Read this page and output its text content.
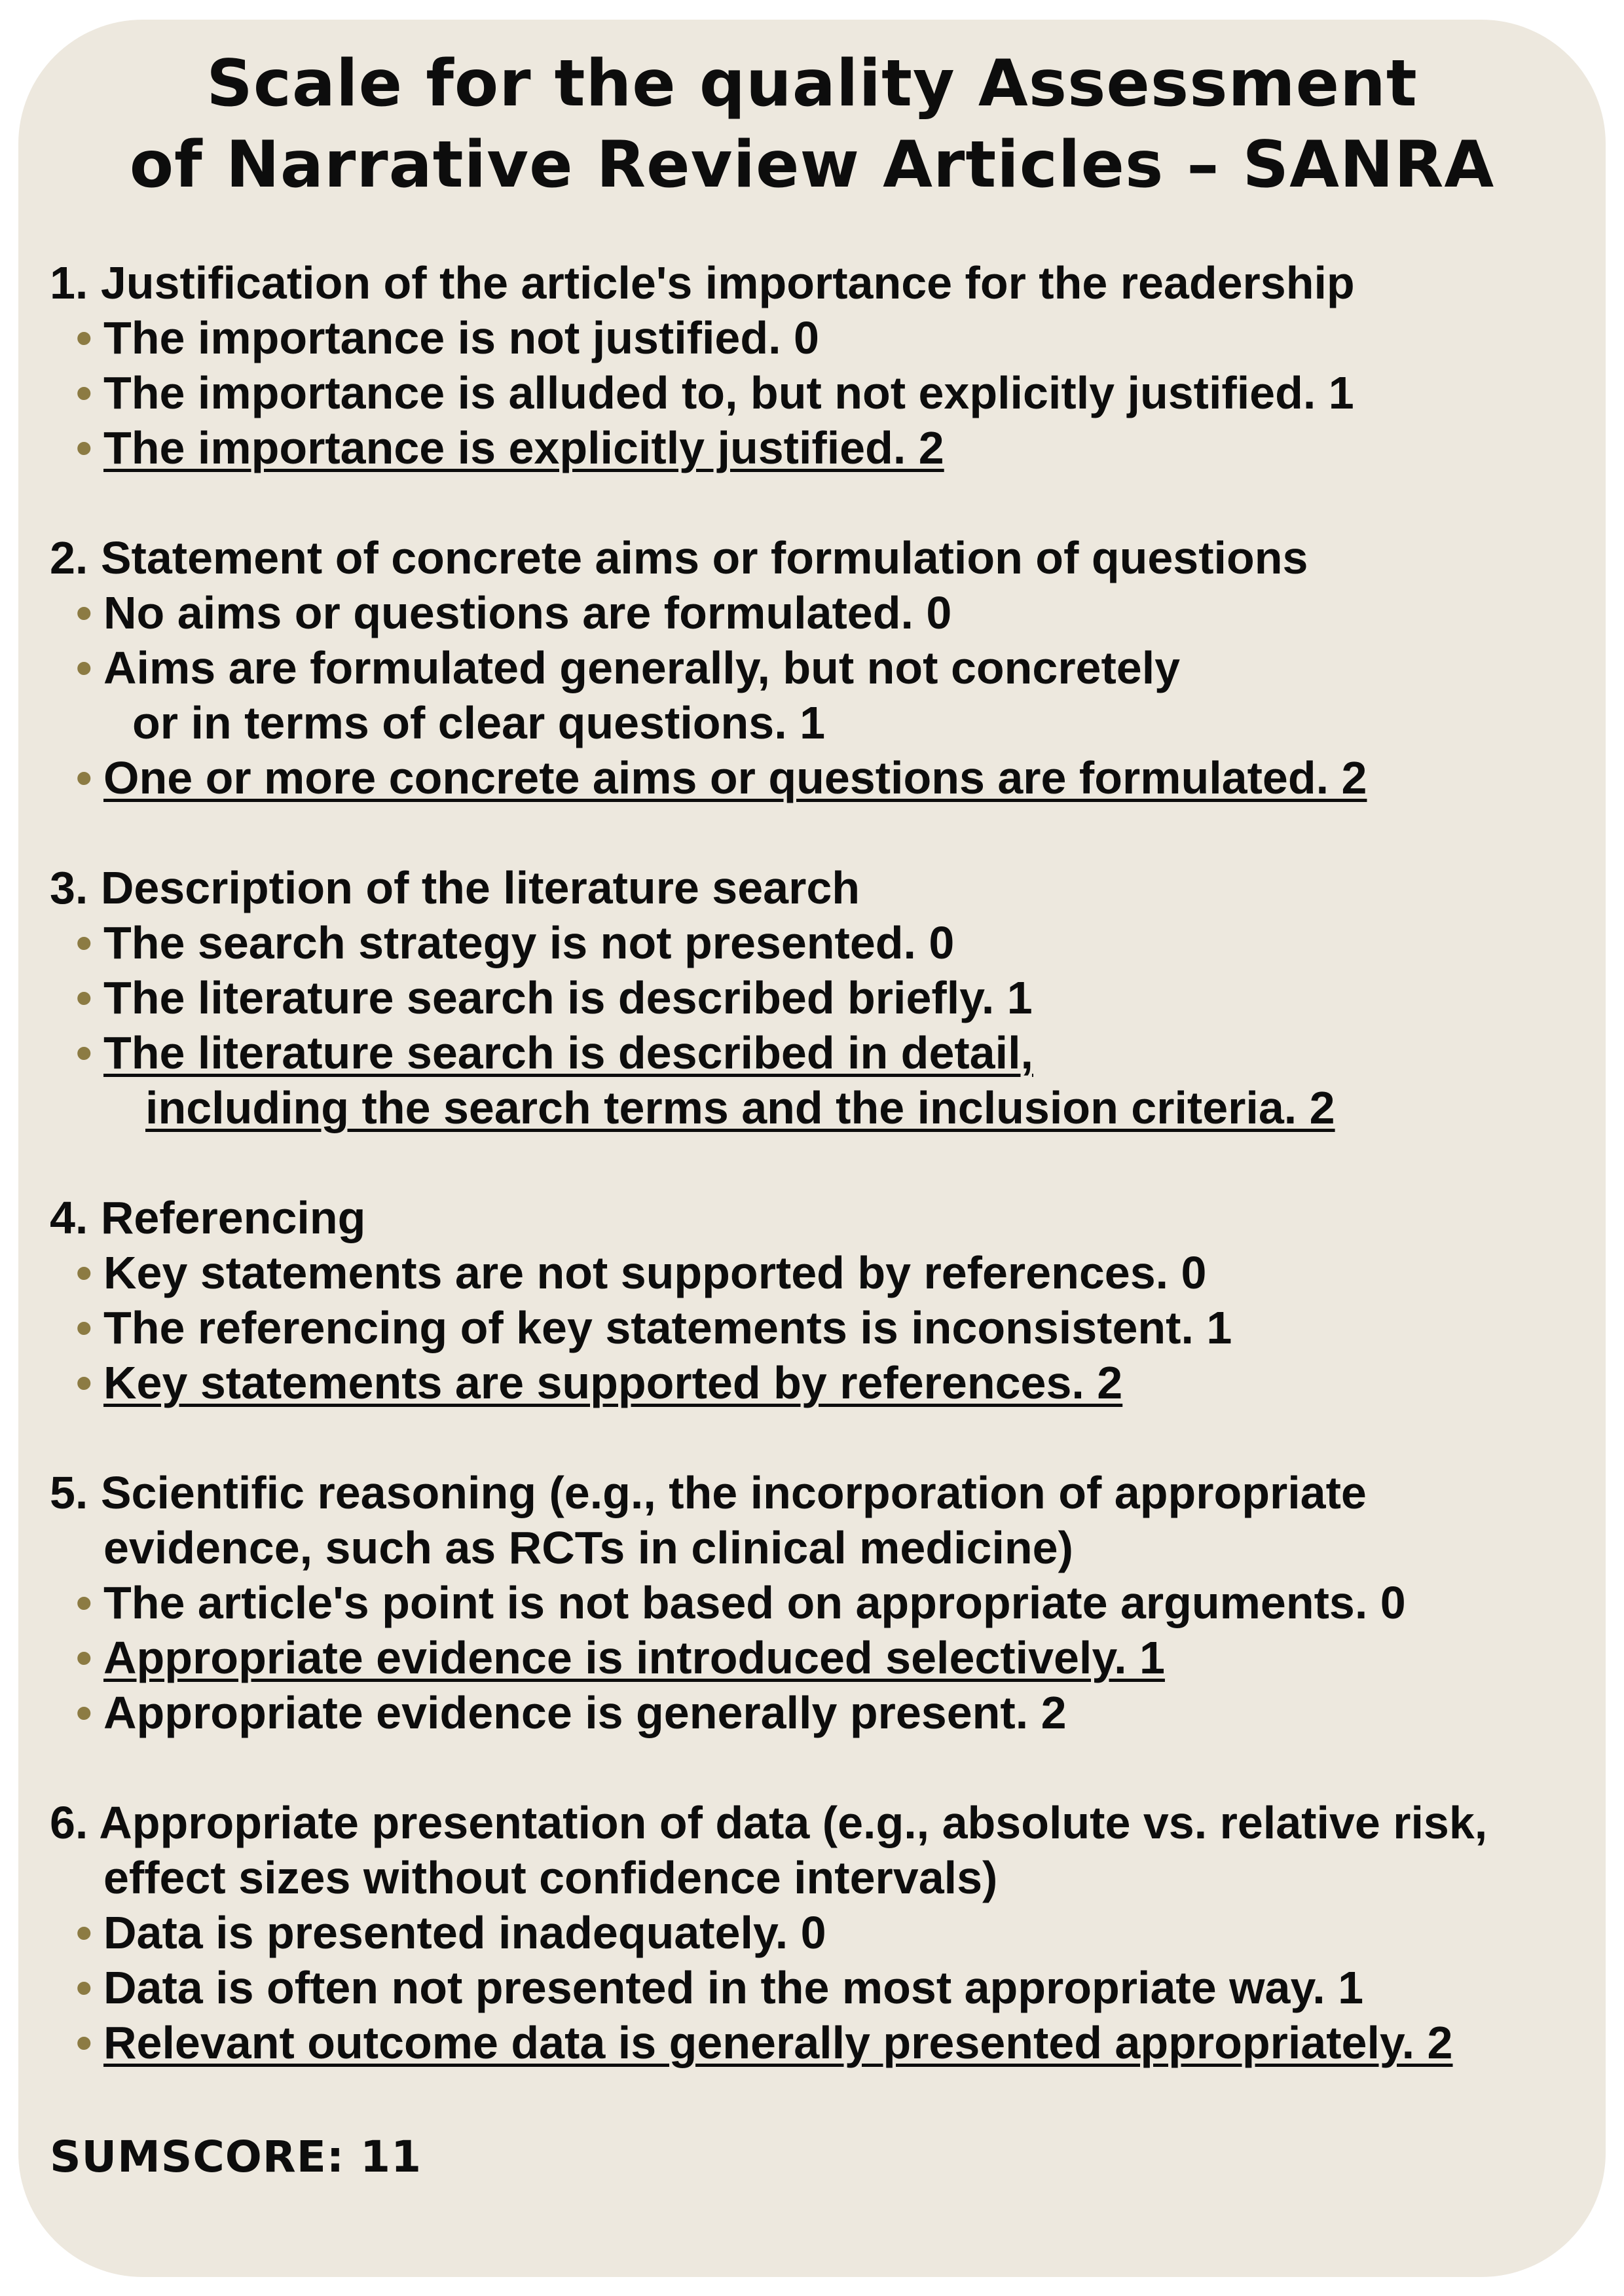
Scale for the quality Assessment
of Narrative Review Articles – SANRA
1. Justification of the article's importance for the readership
• The importance is not justified. 0
• The importance is alluded to, but not explicitly justified. 1
• The importance is explicitly justified. 2
2. Statement of concrete aims or formulation of questions
• No aims or questions are formulated. 0
• Aims are formulated generally, but not concretely
or in terms of clear questions. 1
• One or more concrete aims or questions are formulated. 2
3. Description of the literature search
• The search strategy is not presented. 0
• The literature search is described briefly. 1
• The literature search is described in detail,
including the search terms and the inclusion criteria. 2
4. Referencing
• Key statements are not supported by references. 0
• The referencing of key statements is inconsistent. 1
• Key statements are supported by references. 2
5. Scientific reasoning (e.g., the incorporation of appropriate
evidence, such as RCTs in clinical medicine)
• The article's point is not based on appropriate arguments. 0
• Appropriate evidence is introduced selectively. 1
• Appropriate evidence is generally present. 2
6. Appropriate presentation of data (e.g., absolute vs. relative risk,
effect sizes without confidence intervals)
• Data is presented inadequately. 0
• Data is often not presented in the most appropriate way. 1
• Relevant outcome data is generally presented appropriately. 2
SUMSCORE: 11
